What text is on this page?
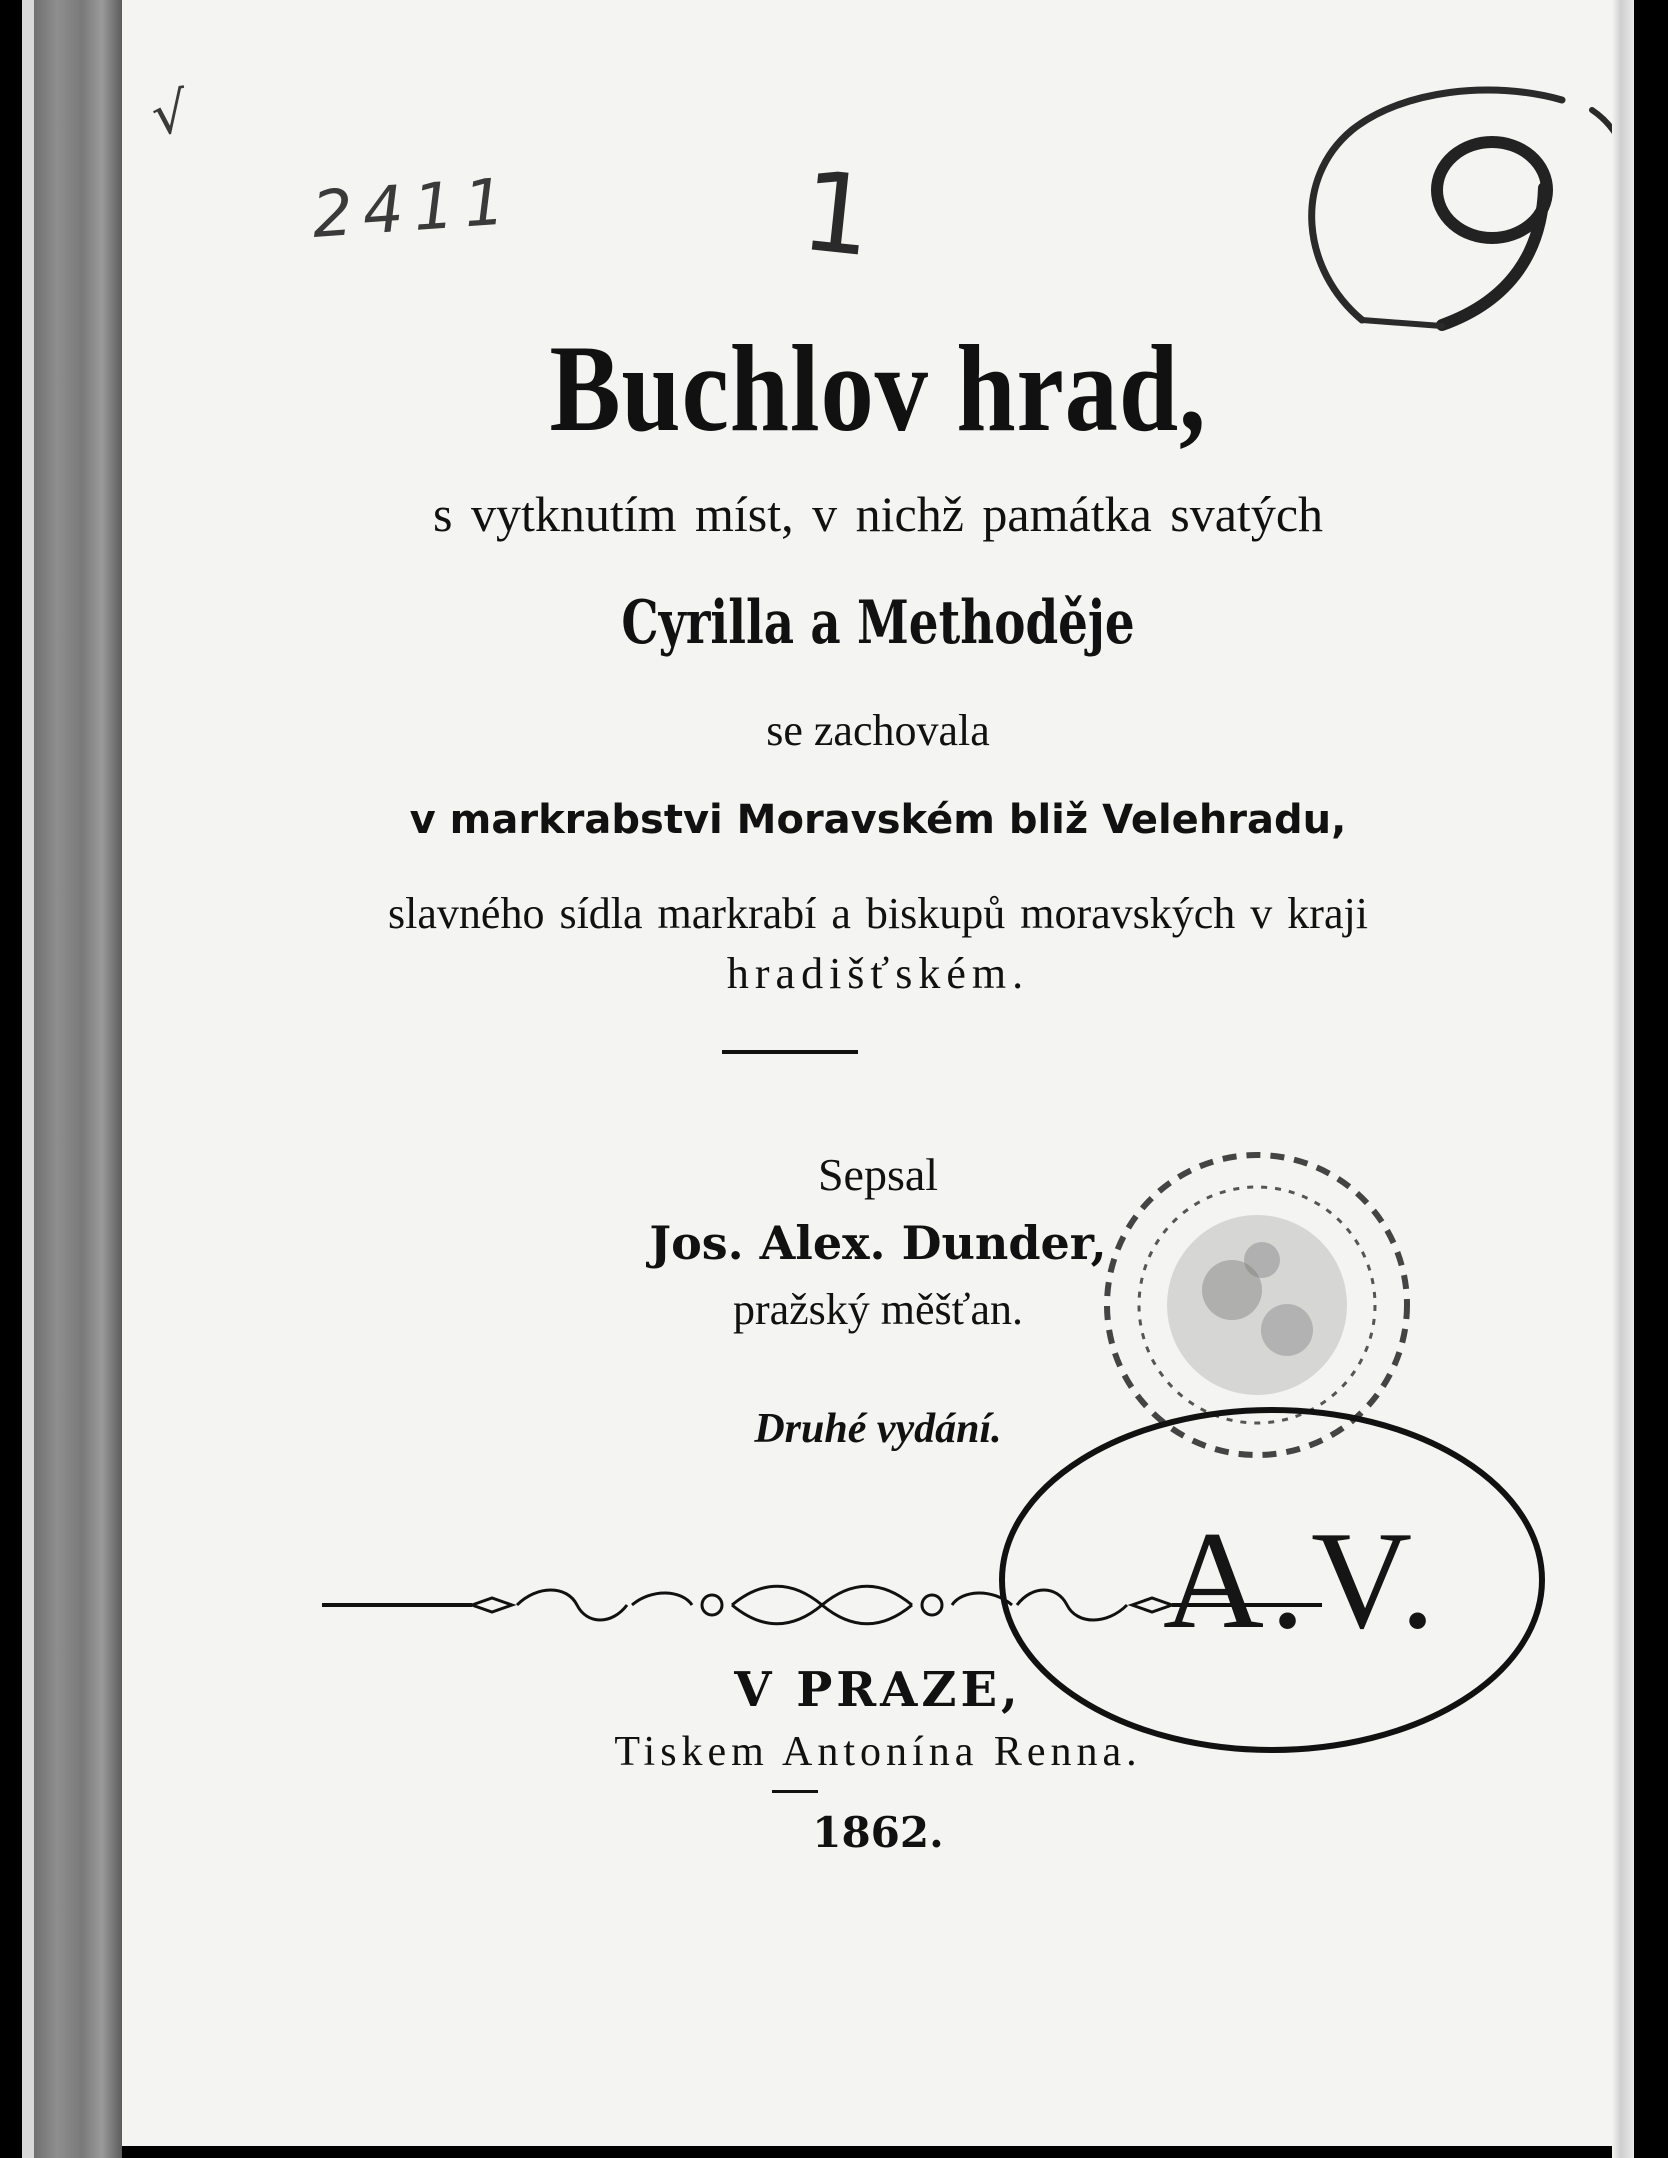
√
2411	1
Buchlov hrad,

s vytknutím míst, v nichž památka svatých

Cyrilla a Methoděje

se zachovala

v markrabstvi Moravském bliž Velehradu,

slavného sídla markrabí a biskupů moravských v kraji

hradišťském.

Sepsal

Jos. Alex. Dunder,

pražský měšťan.

Druhé vydání.

A.V.

V PRAZE,

Tiskem Antonína Renna.

1862.
